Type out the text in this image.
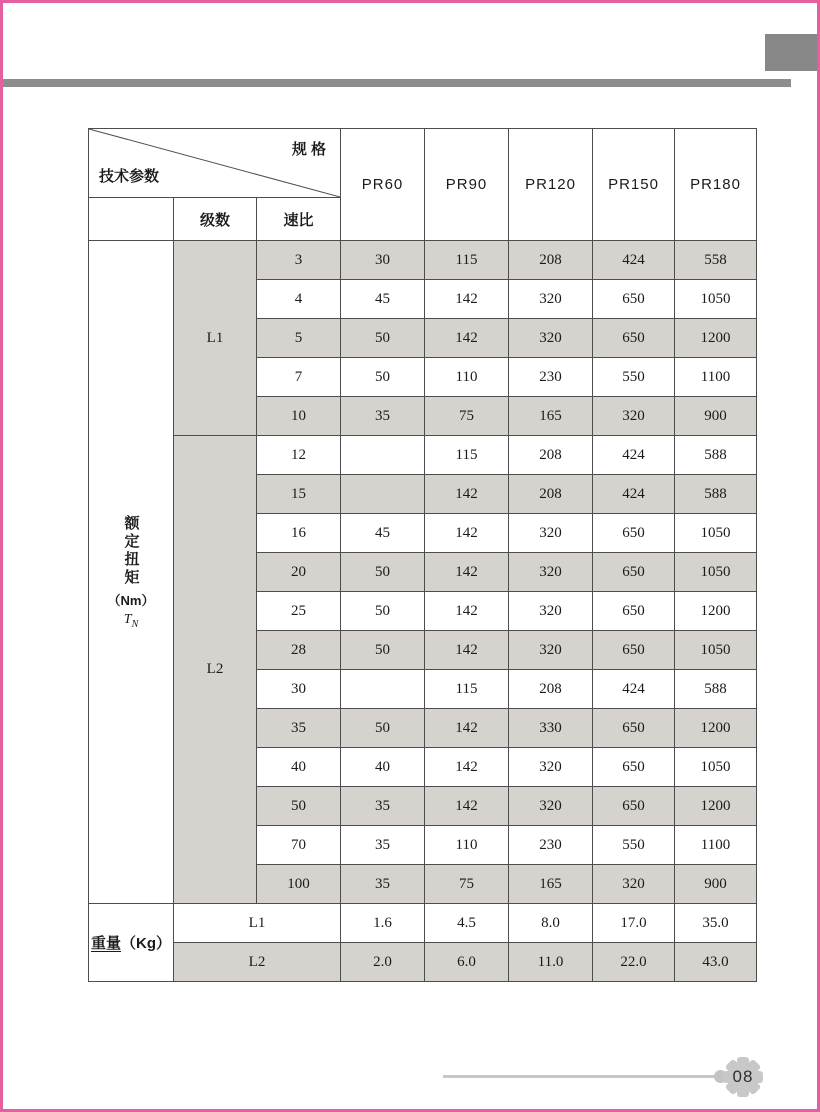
规 格
技术参数			PR60	PR90	PR120	PR150	PR180
	级数	速比					

额定扭矩
（Nm）
$T_N$	L1	3	30	115	208	424	558
		4	45	142	320	650	1050
		5	50	142	320	650	1200
		7	50	110	230	550	1100
		10	35	75	165	320	900
	L2	12		115	208	424	588
		15		142	208	424	588
		16	45	142	320	650	1050
		20	50	142	320	650	1050
		25	50	142	320	650	1200
		28	50	142	320	650	1050
		30		115	208	424	588
		35	50	142	330	650	1200
		40	40	142	320	650	1050
		50	35	142	320	650	1200
		70	35	110	230	550	1100
		100	35	75	165	320	900
重量（Kg）	L1		1.6	4.5	8.0	17.0	35.0
	L2		2.0	6.0	11.0	22.0	43.0
08
